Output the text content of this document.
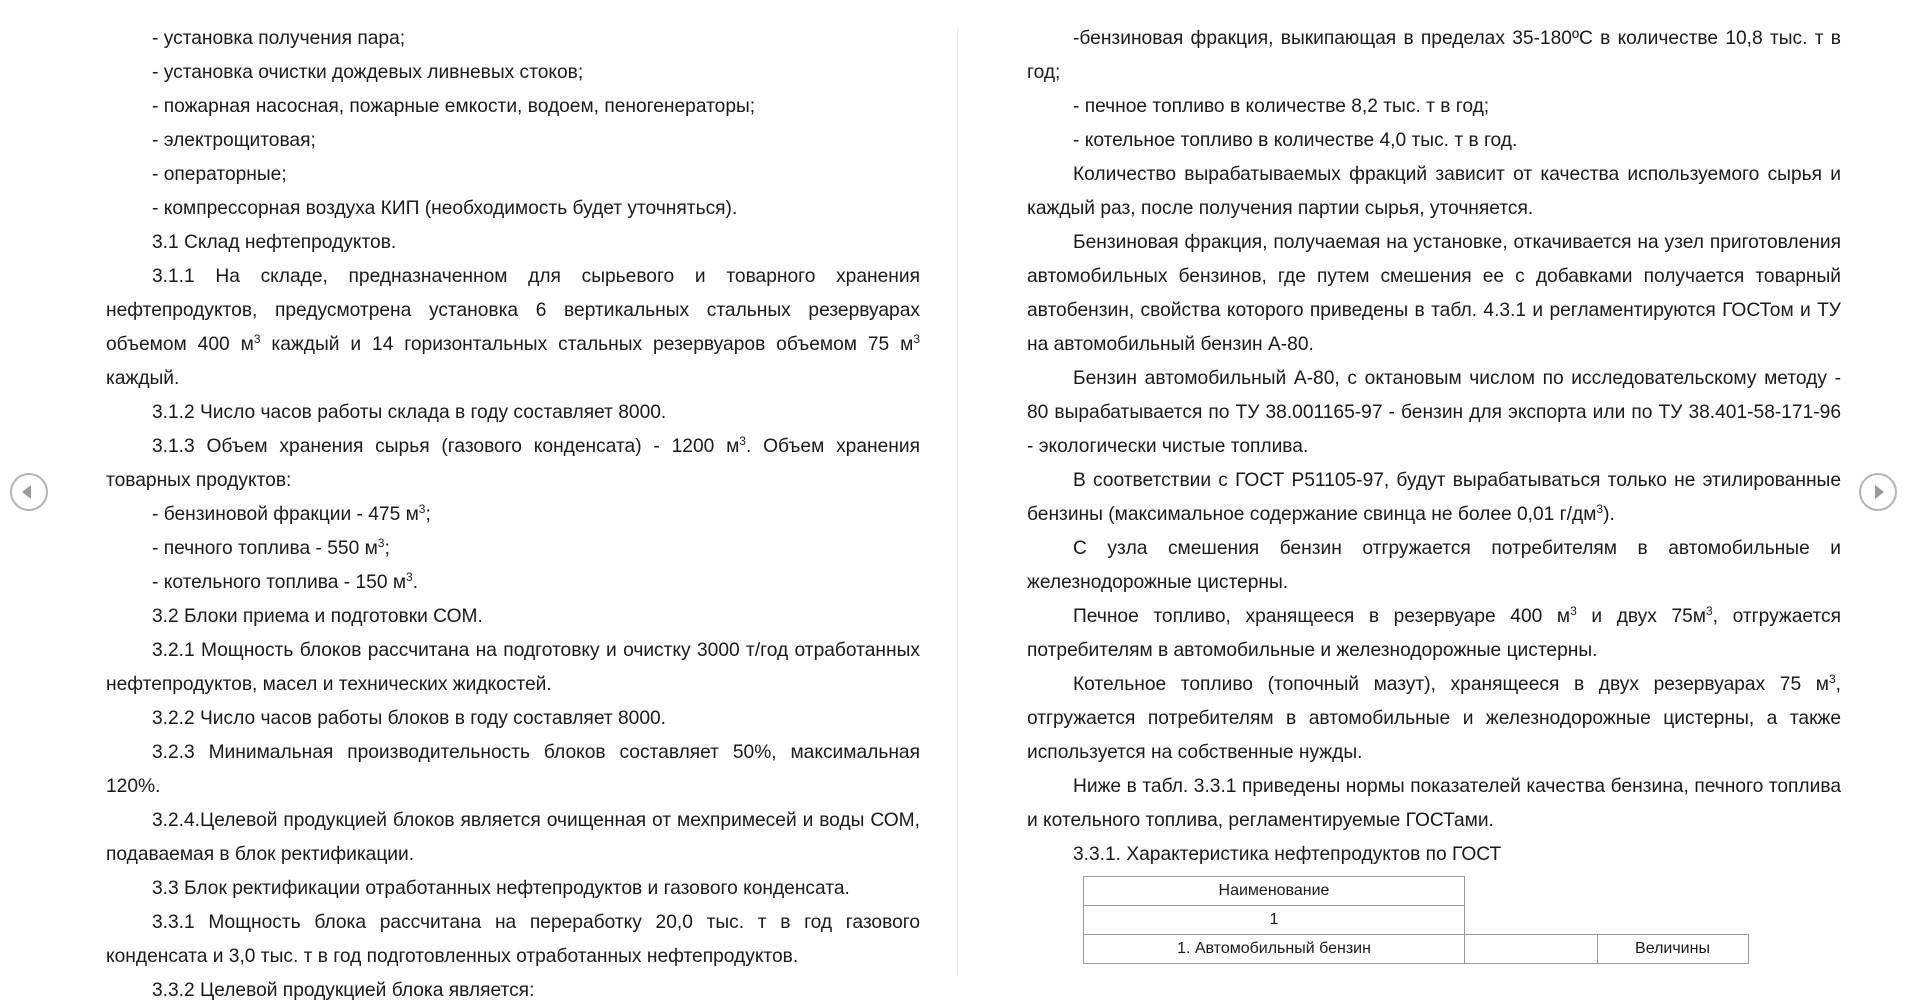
- установка получения пара;

- установка очистки дождевых ливневых стоков;

- пожарная насосная, пожарные емкости, водоем, пеногенераторы;

- электрощитовая;

- операторные;

- компрессорная воздуха КИП (необходимость будет уточняться).

3.1 Склад нефтепродуктов.

3.1.1 На складе, предназначенном для сырьевого и товарного хранения нефтепродуктов, предусмотрена установка 6 вертикальных стальных резервуарах объемом 400 $м^3$ каждый и 14 горизонтальных стальных резервуаров объемом 75 $м^3$ каждый.

3.1.2 Число часов работы склада в году составляет 8000.

3.1.3 Объем хранения сырья (газового конденсата) - 1200 $м^3$. Объем хранения товарных продуктов:

- бензиновой фракции - 475 $м^3$;

- печного топлива - 550 $м^3$;

- котельного топлива - 150 $м^3$.

3.2 Блоки приема и подготовки СОМ.

3.2.1 Мощность блоков рассчитана на подготовку и очистку 3000 т/год отработанных нефтепродуктов, масел и технических жидкостей.

3.2.2 Число часов работы блоков в году составляет 8000.

3.2.3 Минимальная производительность блоков составляет 50%, максимальная 120%.

3.2.4.Целевой продукцией блоков является очищенная от мехпримесей и воды СОМ, подаваемая в блок ректификации.

3.3 Блок ректификации отработанных нефтепродуктов и газового конденсата.

3.3.1 Мощность блока рассчитана на переработку 20,0 тыс. т в год газового конденсата и 3,0 тыс. т в год подготовленных отработанных нефтепродуктов.

3.3.2 Целевой продукцией блока является:

-бензиновая фракция, выкипающая в пределах 35-180ºС в количестве 10,8 тыс. т в год;

- печное топливо в количестве 8,2 тыс. т в год;

- котельное топливо в количестве 4,0 тыс. т в год.

Количество вырабатываемых фракций зависит от качества используемого сырья и каждый раз, после получения партии сырья, уточняется.

Бензиновая фракция, получаемая на установке, откачивается на узел приготовления автомобильных бензинов, где путем смешения ее с добавками получается товарный автобензин, свойства которого приведены в табл. 4.3.1 и регламентируются ГОСТом и ТУ на автомобильный бензин А-80.

Бензин автомобильный А-80, с октановым числом по исследовательскому методу - 80 вырабатывается по ТУ 38.001165-97 - бензин для экспорта или по ТУ 38.401-58-171-96 - экологически чистые топлива.

В соответствии с ГОСТ Р51105-97, будут вырабатываться только не этилированные бензины (максимальное содержание свинца не более 0,01 $г/дм^3$).

С узла смешения бензин отгружается потребителям в автомобильные и железнодорожные цистерны.

Печное топливо, хранящееся в резервуаре 400 $м^3$ и двух $75м^3$, отгружается потребителям в автомобильные и железнодорожные цистерны.

Котельное топливо (топочный мазут), хранящееся в двух резервуарах 75 $м^3$, отгружается потребителям в автомобильные и железнодорожные цистерны, а также используется на собственные нужды.

Ниже в табл. 3.3.1 приведены нормы показателей качества бензина, печного топлива и котельного топлива, регламентируемые ГОСТами.

3.3.1. Характеристика нефтепродуктов по ГОСТ

Наименование		
1		
1. Автомобильный бензин		Величины
